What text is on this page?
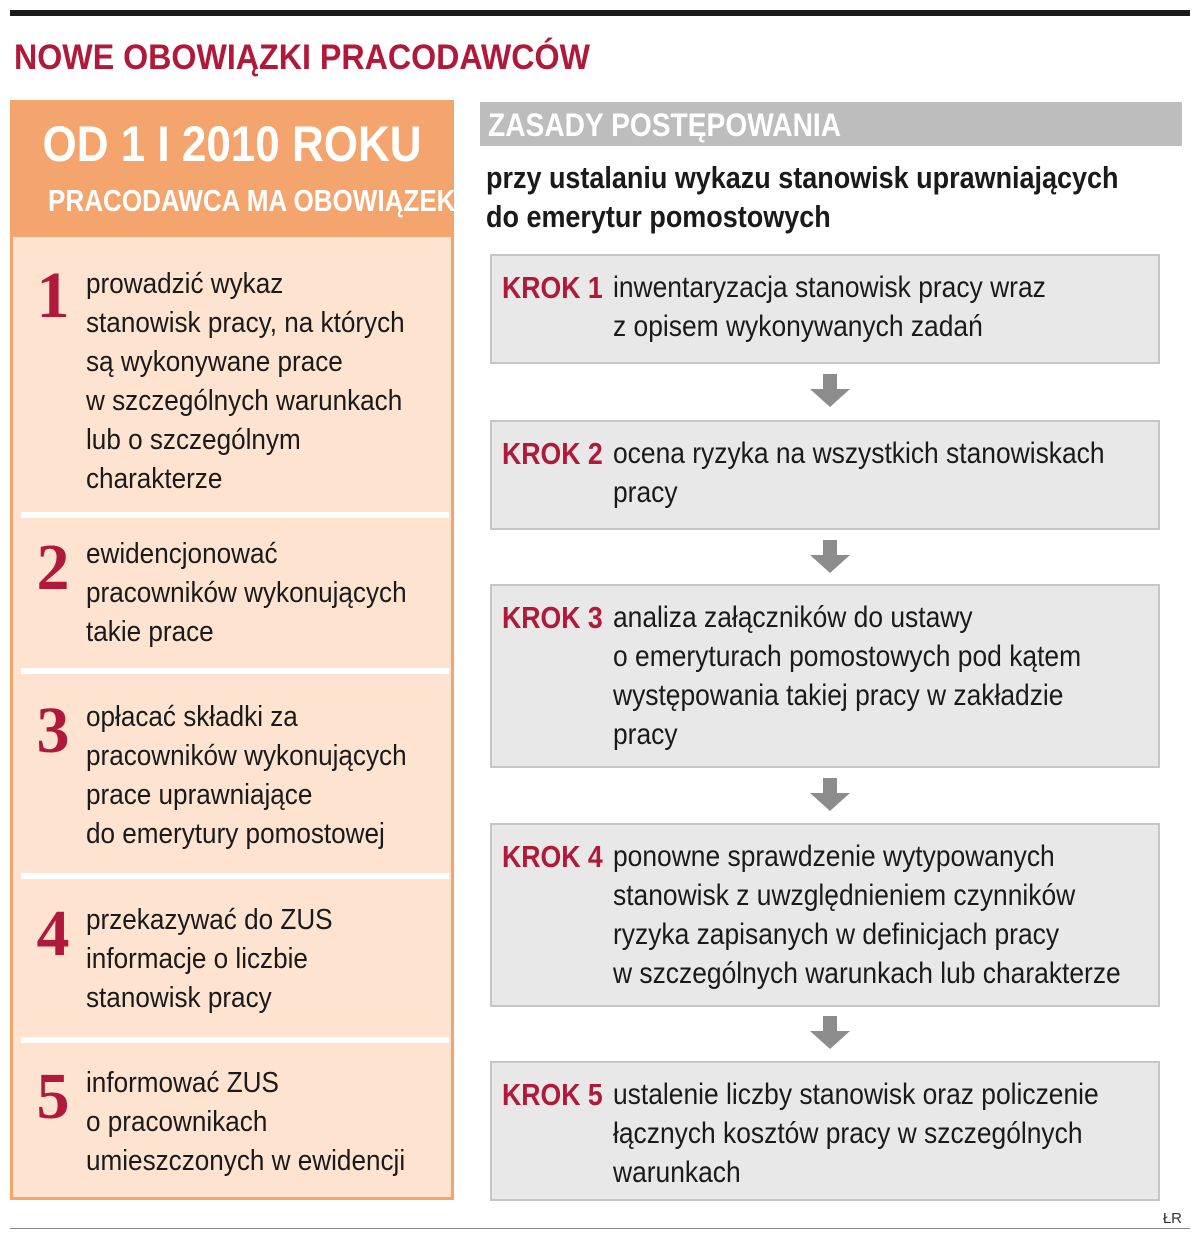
NOWE OBOWIĄZKI PRACODAWCÓW
OD 1 I 2010 ROKU
PRACODAWCA MA OBOWIĄZEK:
1 prowadzić wykaz
stanowisk pracy, na których
są wykonywane prace
w szczególnych warunkach
lub o szczególnym
charakterze
2 ewidencjonować
pracowników wykonujących
takie prace
3 opłacać składki za
pracowników wykonujących
prace uprawniające
do emerytury pomostowej
4 przekazywać do ZUS
informacje o liczbie
stanowisk pracy
5 informować ZUS
o pracownikach
umieszczonych w ewidencji
ZASADY POSTĘPOWANIA
przy ustalaniu wykazu stanowisk uprawniających
do emerytur pomostowych
KROK 1 inwentaryzacja stanowisk pracy wraz
z opisem wykonywanych zadań
KROK 2 ocena ryzyka na wszystkich stanowiskach
pracy
KROK 3 analiza załączników do ustawy
o emeryturach pomostowych pod kątem
występowania takiej pracy w zakładzie
pracy
KROK 4 ponowne sprawdzenie wytypowanych
stanowisk z uwzględnieniem czynników
ryzyka zapisanych w definicjach pracy
w szczególnych warunkach lub charakterze
KROK 5 ustalenie liczby stanowisk oraz policzenie
łącznych kosztów pracy w szczególnych
warunkach
ŁR
